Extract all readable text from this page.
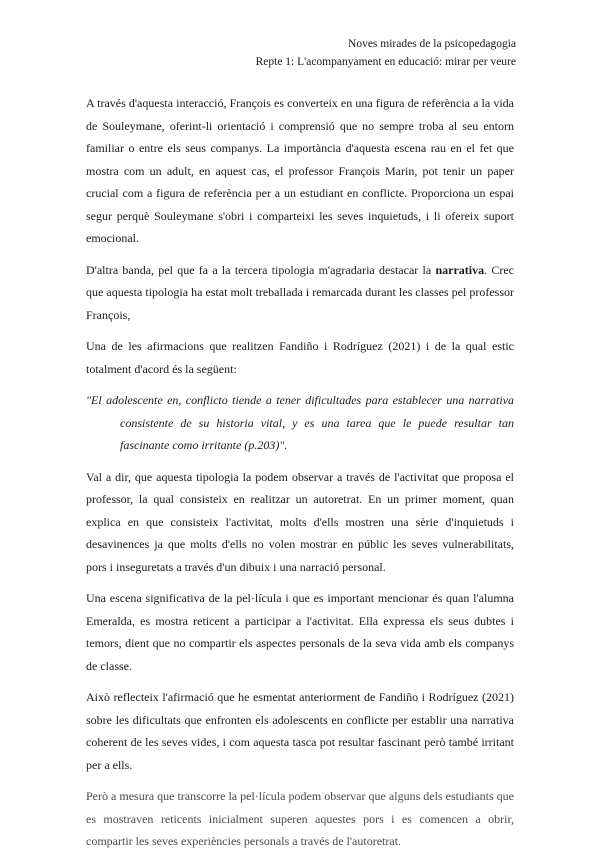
Noves mirades de la psicopedagogia
Repte 1: L'acompanyament en educació: mirar per veure

A través d'aquesta interacció, François es converteix en una figura de referència a la vida de Souleymane, oferint-li orientació i comprensió que no sempre troba al seu entorn familiar o entre els seus companys. La importància d'aquesta escena rau en el fet que mostra com un adult, en aquest cas, el professor François Marin, pot tenir un paper crucial com a figura de referència per a un estudiant en conflicte. Proporciona un espai segur perquè Souleymane s'obri i comparteixi les seves inquietuds, i li ofereix suport emocional.

D'altra banda, pel que fa a la tercera tipologia m'agradaria destacar la narrativa. Crec que aquesta tipologia ha estat molt treballada i remarcada durant les classes pel professor François,

Una de les afirmacions que realitzen Fandiño i Rodríguez (2021) i de la qual estic totalment d'acord és la següent:

"El adolescente en, conflicto tiende a tener dificultades para establecer una narrativa consistente de su historia vital, y es una tarea que le puede resultar tan fascinante como irritante (p.203)".

Val a dir, que aquesta tipologia la podem observar a través de l'activitat que proposa el professor, la qual consisteix en realitzar un autoretrat. En un primer moment, quan explica en que consisteix l'activitat, molts d'ells mostren una sèrie d'inquietuds i desavinences ja que molts d'ells no volen mostrar en públic les seves vulnerabilitats, pors i inseguretats a través d'un dibuix i una narració personal.

Una escena significativa de la pel·lícula i que es important mencionar és quan l'alumna Emeralda, es mostra reticent a participar a l'activitat. Ella expressa els seus dubtes i temors, dient que no compartir els aspectes personals de la seva vida amb els companys de classe.

Això reflecteix l'afirmació que he esmentat anteriorment de Fandiño i Rodríguez (2021) sobre les dificultats que enfronten els adolescents en conflicte per establir una narrativa coherent de les seves vides, i com aquesta tasca pot resultar fascinant però també irritant per a ells.

Però a mesura que transcorre la pel·lícula podem observar que alguns dels estudiants que es mostraven reticents inicialment superen aquestes pors i es comencen a obrir, compartir les seves experiències personals a través de l'autoretrat.
